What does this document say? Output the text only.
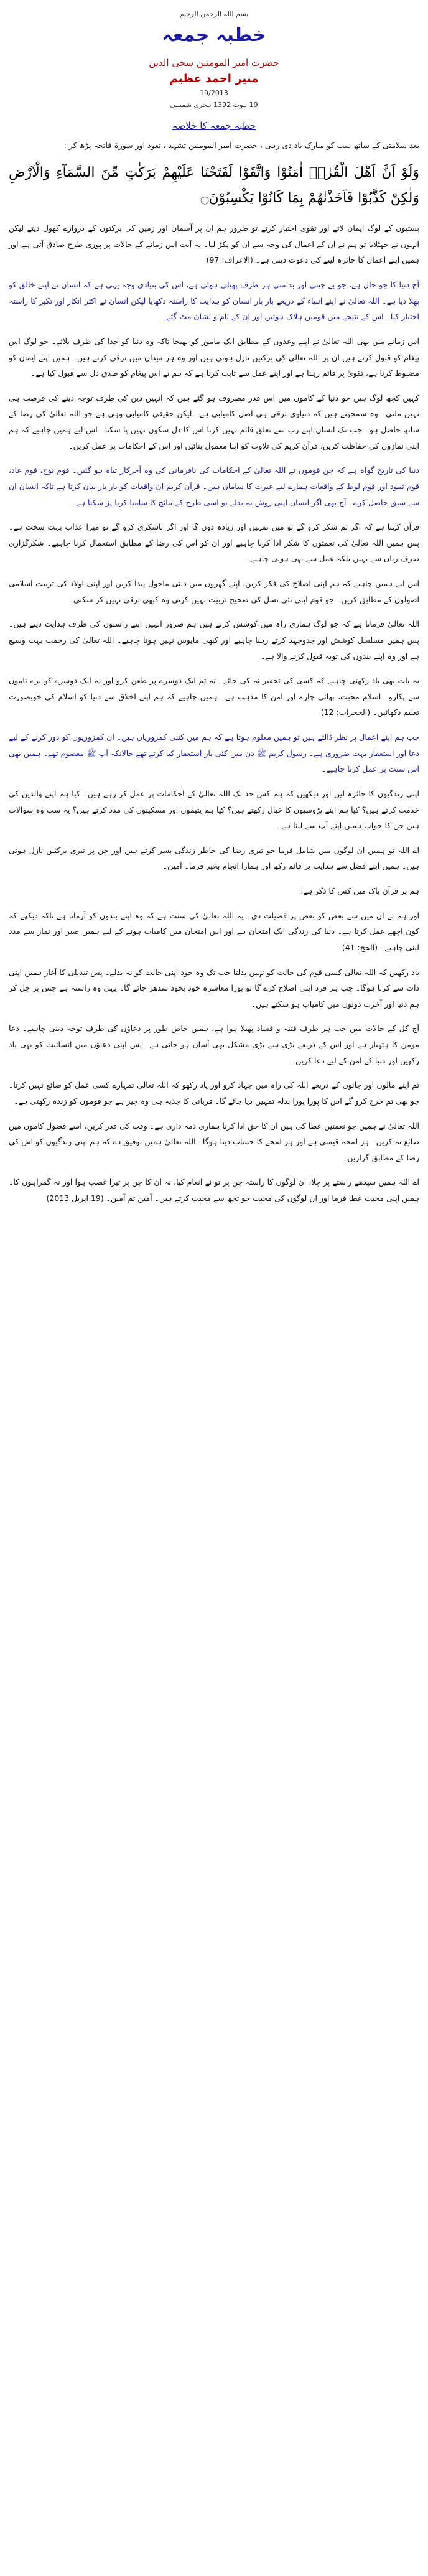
بسم الله الرحمن الرحيم
خطبہ جمعہ
حضرت امیر المومنین سحی الدین
منیر احمد عظیم
19/2013
19 نبوت 1392 ہجری شمسی
خطبہ جمعہ کا خلاصہ
بعد سلامتی کے ساتھ سب کو مبارک باد دی رہی ، حضرت امیر المومنین تشہد ، تعوذ اور سورۃ فاتحہ پڑھ کر :
وَلَوْ اَنَّ اَهْلَ الْقُرٰىۤ اٰمَنُوْا وَاتَّقَوْا لَفَتَحْنَا عَلَيْهِمْ بَرَكٰتٍ مِّنَ السَّمَآءِ وَالْاَرْضِ وَلٰكِنْ كَذَّبُوْا فَاَخَذْنٰهُمْ بِمَا كَانُوْا يَكْسِبُوْنَ۝

بستیوں کے لوگ ایمان لاتے اور تقویٰ اختیار کرتے تو ضرور ہم ان پر آسمان اور زمین کی برکتوں کے دروازے کھول دیتے لیکن انہوں نے جھٹلایا تو ہم نے ان کے اعمال کی وجہ سے ان کو پکڑ لیا۔ یہ آیت اس زمانے کے حالات پر پوری طرح صادق آتی ہے اور ہمیں اپنے اعمال کا جائزہ لینے کی دعوت دیتی ہے۔ (الاعراف: 97)

آج دنیا کا جو حال ہے، جو بے چینی اور بدامنی ہر طرف پھیلی ہوئی ہے، اس کی بنیادی وجہ یہی ہے کہ انسان نے اپنے خالق کو بھلا دیا ہے۔ اللہ تعالیٰ نے اپنے انبیاء کے ذریعے بار بار انسان کو ہدایت کا راستہ دکھایا لیکن انسان نے اکثر انکار اور تکبر کا راستہ اختیار کیا۔ اس کے نتیجے میں قومیں ہلاک ہوئیں اور ان کے نام و نشان مٹ گئے۔

اس زمانے میں بھی اللہ تعالیٰ نے اپنے وعدوں کے مطابق ایک مامور کو بھیجا تاکہ وہ دنیا کو خدا کی طرف بلائے۔ جو لوگ اس پیغام کو قبول کرتے ہیں ان پر اللہ تعالیٰ کی برکتیں نازل ہوتی ہیں اور وہ ہر میدان میں ترقی کرتے ہیں۔ ہمیں اپنے ایمان کو مضبوط کرنا ہے، تقویٰ پر قائم رہنا ہے اور اپنے عمل سے ثابت کرنا ہے کہ ہم نے اس پیغام کو صدق دل سے قبول کیا ہے۔

کہیں کچھ لوگ ہیں جو دنیا کے کاموں میں اس قدر مصروف ہو گئے ہیں کہ انہیں دین کی طرف توجہ دینے کی فرصت ہی نہیں ملتی۔ وہ سمجھتے ہیں کہ دنیاوی ترقی ہی اصل کامیابی ہے۔ لیکن حقیقی کامیابی وہی ہے جو اللہ تعالیٰ کی رضا کے ساتھ حاصل ہو۔ جب تک انسان اپنے رب سے تعلق قائم نہیں کرتا اس کا دل سکون نہیں پا سکتا۔ اس لیے ہمیں چاہیے کہ ہم اپنی نمازوں کی حفاظت کریں، قرآن کریم کی تلاوت کو اپنا معمول بنائیں اور اس کے احکامات پر عمل کریں۔

دنیا کی تاریخ گواہ ہے کہ جن قوموں نے اللہ تعالیٰ کے احکامات کی نافرمانی کی وہ آخرکار تباہ ہو گئیں۔ قوم نوح، قوم عاد، قوم ثمود اور قوم لوط کے واقعات ہمارے لیے عبرت کا سامان ہیں۔ قرآن کریم ان واقعات کو بار بار بیان کرتا ہے تاکہ انسان ان سے سبق حاصل کرے۔ آج بھی اگر انسان اپنی روش نہ بدلے تو اسی طرح کے نتائج کا سامنا کرنا پڑ سکتا ہے۔

قرآن کہتا ہے کہ اگر تم شکر کرو گے تو میں تمہیں اور زیادہ دوں گا اور اگر ناشکری کرو گے تو میرا عذاب بہت سخت ہے۔ پس ہمیں اللہ تعالیٰ کی نعمتوں کا شکر ادا کرنا چاہیے اور ان کو اس کی رضا کے مطابق استعمال کرنا چاہیے۔ شکرگزاری صرف زبان سے نہیں بلکہ عمل سے بھی ہونی چاہیے۔

اس لیے ہمیں چاہیے کہ ہم اپنی اصلاح کی فکر کریں، اپنے گھروں میں دینی ماحول پیدا کریں اور اپنی اولاد کی تربیت اسلامی اصولوں کے مطابق کریں۔ جو قوم اپنی نئی نسل کی صحیح تربیت نہیں کرتی وہ کبھی ترقی نہیں کر سکتی۔

اللہ تعالیٰ فرماتا ہے کہ جو لوگ ہماری راہ میں کوشش کرتے ہیں ہم ضرور انہیں اپنے راستوں کی طرف ہدایت دیتے ہیں۔ پس ہمیں مسلسل کوشش اور جدوجہد کرتے رہنا چاہیے اور کبھی مایوس نہیں ہونا چاہیے۔ اللہ تعالیٰ کی رحمت بہت وسیع ہے اور وہ اپنے بندوں کی توبہ قبول کرنے والا ہے۔

یہ بات بھی یاد رکھنی چاہیے کہ کسی کی تحقیر نہ کی جائے۔ نہ تم ایک دوسرے پر طعن کرو اور نہ ایک دوسرے کو برے ناموں سے پکارو۔ اسلام محبت، بھائی چارے اور امن کا مذہب ہے۔ ہمیں چاہیے کہ ہم اپنے اخلاق سے دنیا کو اسلام کی خوبصورت تعلیم دکھائیں۔ (الحجرات: 12)

جب ہم اپنے اعمال پر نظر ڈالتے ہیں تو ہمیں معلوم ہوتا ہے کہ ہم میں کتنی کمزوریاں ہیں۔ ان کمزوریوں کو دور کرنے کے لیے دعا اور استغفار بہت ضروری ہے۔ رسول کریم ﷺ دن میں کئی بار استغفار کیا کرتے تھے حالانکہ آپ ﷺ معصوم تھے۔ ہمیں بھی اس سنت پر عمل کرنا چاہیے۔

اپنی زندگیوں کا جائزہ لیں اور دیکھیں کہ ہم کس حد تک اللہ تعالیٰ کے احکامات پر عمل کر رہے ہیں۔ کیا ہم اپنے والدین کی خدمت کرتے ہیں؟ کیا ہم اپنے پڑوسیوں کا خیال رکھتے ہیں؟ کیا ہم یتیموں اور مسکینوں کی مدد کرتے ہیں؟ یہ سب وہ سوالات ہیں جن کا جواب ہمیں اپنے آپ سے لینا ہے۔

اے اللہ تو ہمیں ان لوگوں میں شامل فرما جو تیری رضا کی خاطر زندگی بسر کرتے ہیں اور جن پر تیری برکتیں نازل ہوتی ہیں۔ ہمیں اپنے فضل سے ہدایت پر قائم رکھ اور ہمارا انجام بخیر فرما۔ آمین۔

ہم پر قرآن پاک میں کس کا ذکر ہے:

اور ہم نے ان میں سے بعض کو بعض پر فضیلت دی۔ یہ اللہ تعالیٰ کی سنت ہے کہ وہ اپنے بندوں کو آزماتا ہے تاکہ دیکھے کہ کون اچھے عمل کرتا ہے۔ دنیا کی زندگی ایک امتحان ہے اور اس امتحان میں کامیاب ہونے کے لیے ہمیں صبر اور نماز سے مدد لینی چاہیے۔ (الحج: 41)

یاد رکھیں کہ اللہ تعالیٰ کسی قوم کی حالت کو نہیں بدلتا جب تک وہ خود اپنی حالت کو نہ بدلے۔ پس تبدیلی کا آغاز ہمیں اپنی ذات سے کرنا ہوگا۔ جب ہر فرد اپنی اصلاح کرے گا تو پورا معاشرہ خود بخود سدھر جائے گا۔ یہی وہ راستہ ہے جس پر چل کر ہم دنیا اور آخرت دونوں میں کامیاب ہو سکتے ہیں۔

آج کل کے حالات میں جب ہر طرف فتنہ و فساد پھیلا ہوا ہے، ہمیں خاص طور پر دعاؤں کی طرف توجہ دینی چاہیے۔ دعا مومن کا ہتھیار ہے اور اس کے ذریعے بڑی سے بڑی مشکل بھی آسان ہو جاتی ہے۔ پس اپنی دعاؤں میں انسانیت کو بھی یاد رکھیں اور دنیا کے امن کے لیے دعا کریں۔

تم اپنے مالوں اور جانوں کے ذریعے اللہ کی راہ میں جہاد کرو اور یاد رکھو کہ اللہ تعالیٰ تمہارے کسی عمل کو ضائع نہیں کرتا۔ جو بھی تم خرچ کرو گے اس کا پورا پورا بدلہ تمہیں دیا جائے گا۔ قربانی کا جذبہ ہی وہ چیز ہے جو قوموں کو زندہ رکھتی ہے۔

اللہ تعالیٰ نے ہمیں جو نعمتیں عطا کی ہیں ان کا حق ادا کرنا ہماری ذمہ داری ہے۔ وقت کی قدر کریں، اسے فضول کاموں میں ضائع نہ کریں۔ ہر لمحہ قیمتی ہے اور ہر لمحے کا حساب دینا ہوگا۔ اللہ تعالیٰ ہمیں توفیق دے کہ ہم اپنی زندگیوں کو اس کی رضا کے مطابق گزاریں۔

اے اللہ ہمیں سیدھے راستے پر چلا، ان لوگوں کا راستہ جن پر تو نے انعام کیا، نہ ان کا جن پر تیرا غضب ہوا اور نہ گمراہوں کا۔ ہمیں اپنی محبت عطا فرما اور ان لوگوں کی محبت جو تجھ سے محبت کرتے ہیں۔ آمین ثم آمین۔ (19 اپریل 2013)
